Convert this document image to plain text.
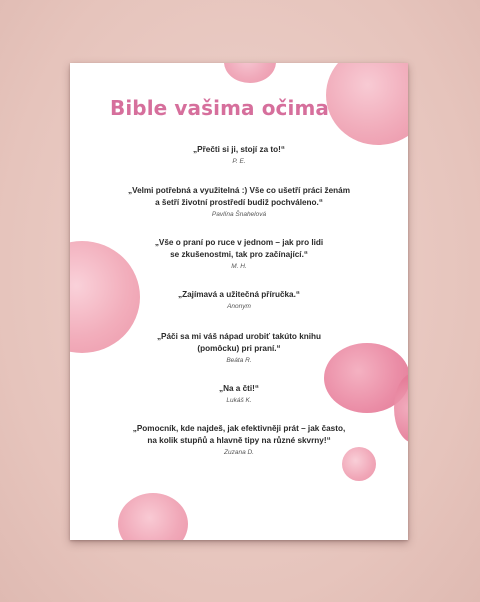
Bible vašima očima
„Přečti si ji, stojí za to!“
P. E.
„Velmi potřebná a využitelná :) Vše co ušetří práci ženám
a šetří životní prostředí budiž pochváleno.“
Pavlína Šnahelová
„Vše o praní po ruce v jednom – jak pro lidi
se zkušenostmi, tak pro začínající.“
M. H.
„Zajímavá a užitečná příručka.“
Anonym
„Páči sa mi váš nápad urobiť takúto knihu
(pomôcku) pri praní.“
Beáta R.
„Na a čti!“
Lukáš K.
„Pomocník, kde najdeš, jak efektivněji prát – jak často,
na kolik stupňů a hlavně tipy na různé skvrny!“
Zuzana D.
